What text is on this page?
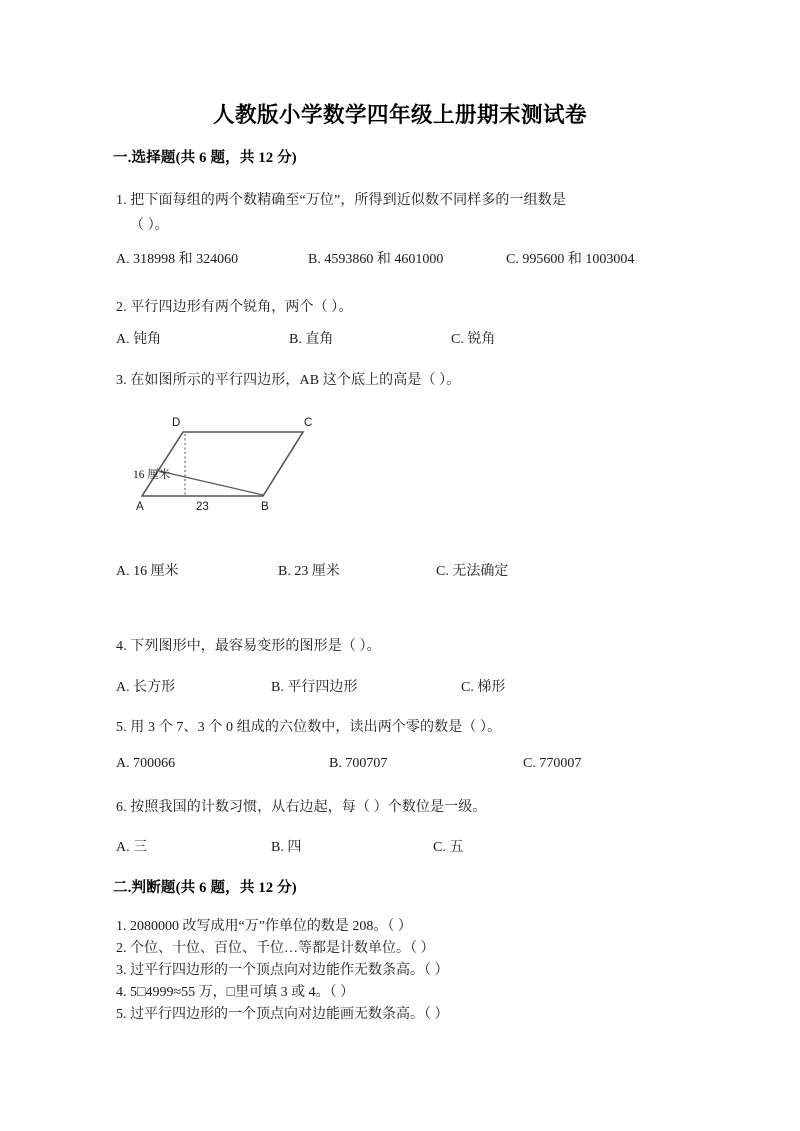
人教版小学数学四年级上册期末测试卷
一.选择题(共 6 题，共 12 分)
1. 把下面每组的两个数精确至“万位”，所得到近似数不同样多的一组数是
（ ）。
A. 318998 和 324060	B. 4593860 和 4601000	C. 995600 和 1003004
2. 平行四边形有两个锐角，两个（ ）。
A. 钝角	B. 直角	C. 锐角
3. 在如图所示的平行四边形，AB 这个底上的高是（ ）。
D	C
A	B
16 厘米
23
A. 16 厘米	B. 23 厘米	C. 无法确定
4. 下列图形中，最容易变形的图形是（ ）。
A. 长方形	B. 平行四边形	C. 梯形
5. 用 3 个 7、3 个 0 组成的六位数中，读出两个零的数是（ ）。
A. 700066	B. 700707	C. 770007
6. 按照我国的计数习惯，从右边起，每（ ）个数位是一级。
A. 三	B. 四	C. 五
二.判断题(共 6 题，共 12 分)
1. 2080000 改写成用“万”作单位的数是 208。（ ）
2. 个位、十位、百位、千位…等都是计数单位。（ ）
3. 过平行四边形的一个顶点向对边能作无数条高。（ ）
4. 5□4999≈55 万，□里可填 3 或 4。（ ）
5. 过平行四边形的一个顶点向对边能画无数条高。（ ）
